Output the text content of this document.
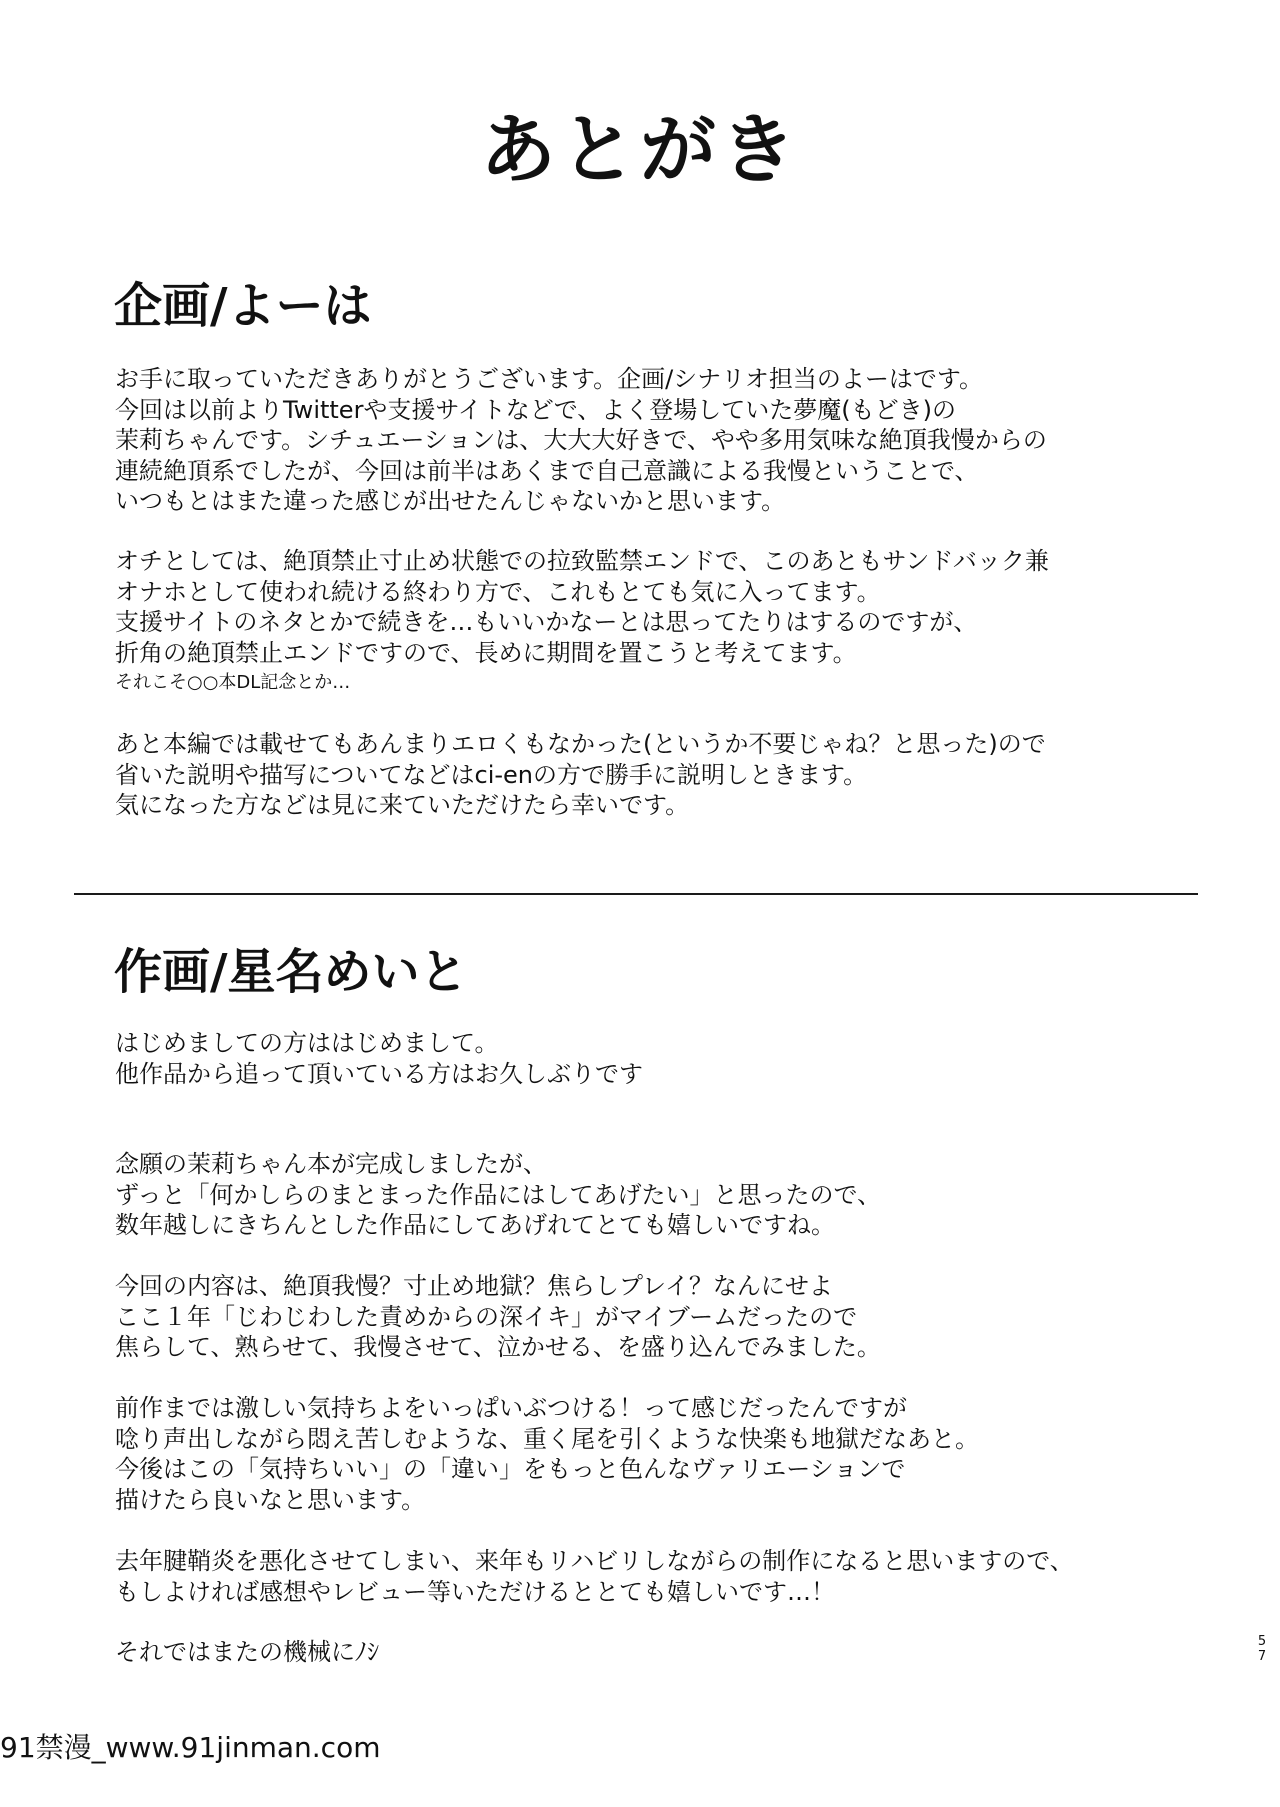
あとがき
企画/よーは
お手に取っていただきありがとうございます。企画/シナリオ担当のよーはです。
今回は以前よりTwitterや支援サイトなどで、よく登場していた夢魔(もどき)の
茉莉ちゃんです。シチュエーションは、大大大好きで、やや多用気味な絶頂我慢からの
連続絶頂系でしたが、今回は前半はあくまで自己意識による我慢ということで、
いつもとはまた違った感じが出せたんじゃないかと思います。
オチとしては、絶頂禁止寸止め状態での拉致監禁エンドで、このあともサンドバック兼
オナホとして使われ続ける終わり方で、これもとても気に入ってます。
支援サイトのネタとかで続きを…もいいかなーとは思ってたりはするのですが、
折角の絶頂禁止エンドですので、長めに期間を置こうと考えてます。
それこそ○○本DL記念とか…
あと本編では載せてもあんまりエロくもなかった(というか不要じゃね？と思った)ので
省いた説明や描写についてなどはci-enの方で勝手に説明しときます。
気になった方などは見に来ていただけたら幸いです。
作画/星名めいと
はじめましての方ははじめまして。
他作品から追って頂いている方はお久しぶりです
念願の茉莉ちゃん本が完成しましたが、
ずっと「何かしらのまとまった作品にはしてあげたい」と思ったので、
数年越しにきちんとした作品にしてあげれてとても嬉しいですね。
今回の内容は、絶頂我慢？寸止め地獄？焦らしプレイ？なんにせよ
ここ１年「じわじわした責めからの深イキ」がマイブームだったので
焦らして、熟らせて、我慢させて、泣かせる、を盛り込んでみました。
前作までは激しい気持ちよをいっぱいぶつける！って感じだったんですが
唸り声出しながら悶え苦しむような、重く尾を引くような快楽も地獄だなあと。
今後はこの「気持ちいい」の「違い」をもっと色んなヴァリエーションで
描けたら良いなと思います。
去年腱鞘炎を悪化させてしまい、来年もリハビリしながらの制作になると思いますので、
もしよければ感想やレビュー等いただけるととても嬉しいです…！
それではまたの機械にﾉｼ	5
7
91禁漫_www.91jinman.com
